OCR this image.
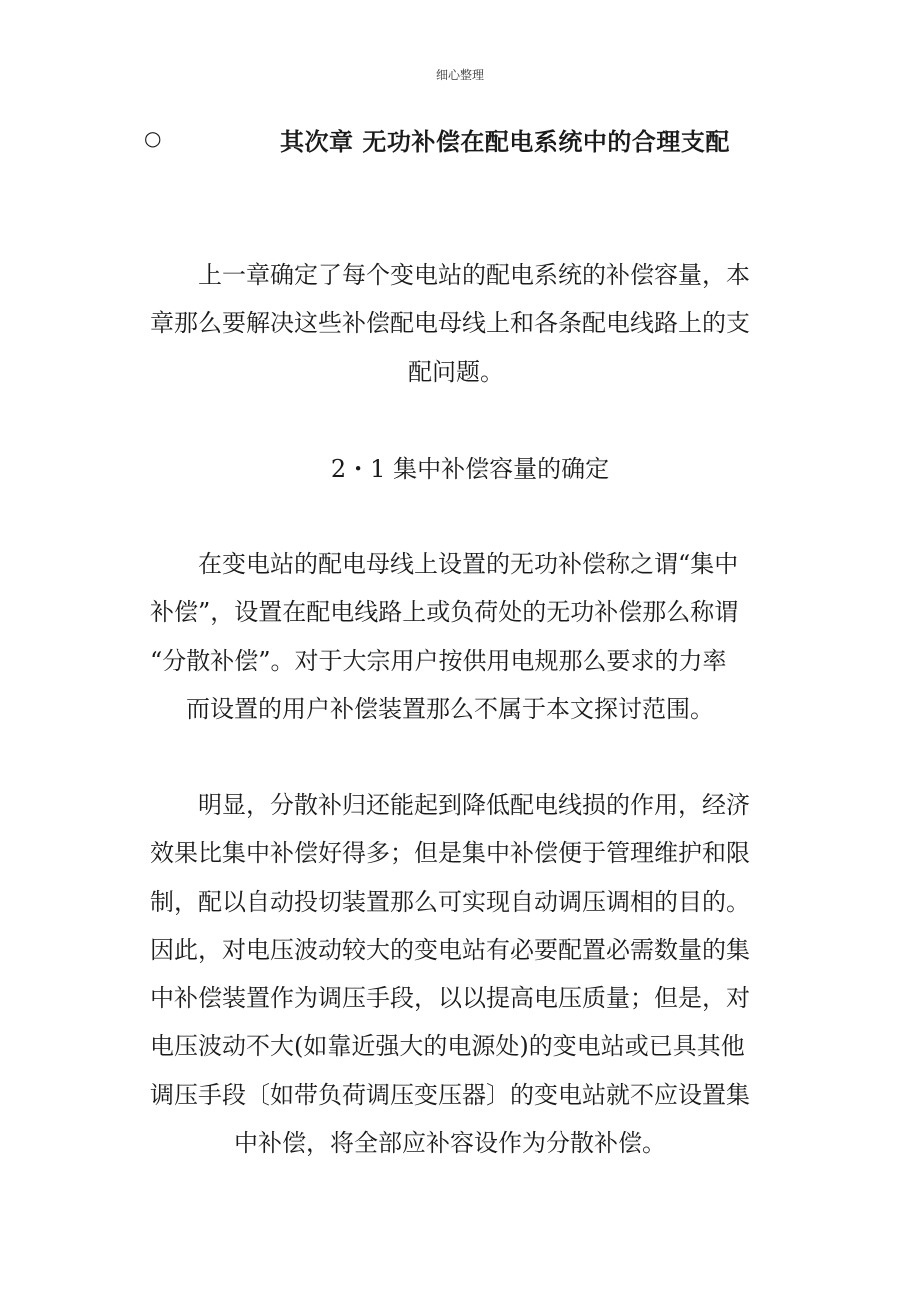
细心整理
○	其次章 无功补偿在配电系统中的合理支配
上一章确定了每个变电站的配电系统的补偿容量，本
章那么要解决这些补偿配电母线上和各条配电线路上的支
配问题。
2・1 集中补偿容量的确定
在变电站的配电母线上设置的无功补偿称之谓“集中
补偿”，设置在配电线路上或负荷处的无功补偿那么称谓
“分散补偿”。对于大宗用户按供用电规那么要求的力率
而设置的用户补偿装置那么不属于本文探讨范围。
明显，分散补归还能起到降低配电线损的作用，经济
效果比集中补偿好得多；但是集中补偿便于管理维护和限
制，配以自动投切装置那么可实现自动调压调相的目的。
因此，对电压波动较大的变电站有必要配置必需数量的集
中补偿装置作为调压手段，以以提高电压质量；但是，对
电压波动不大(如靠近强大的电源处)的变电站或已具其他
调压手段〔如带负荷调压变压器〕的变电站就不应设置集
中补偿，将全部应补容设作为分散补偿。
